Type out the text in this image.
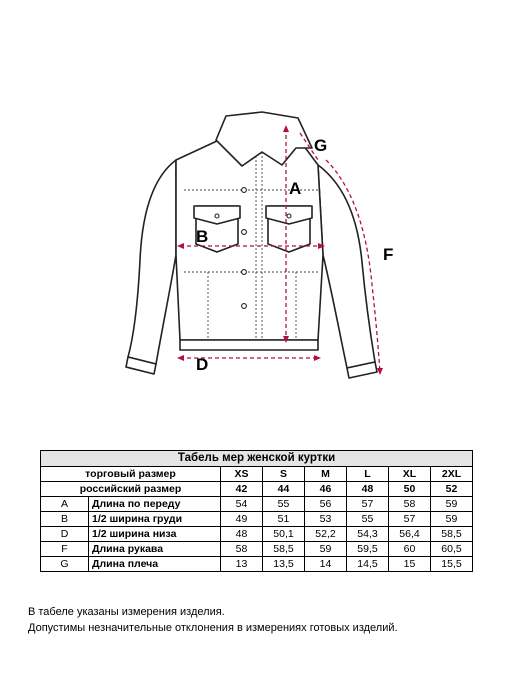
A
B
D
F
G
Табель мер женской куртки							
торговый размер		XS	S	M	L	XL	2XL
российский размер		42	44	46	48	50	52
A	Длина по переду	54	55	56	57	58	59
B	1/2 ширина груди	49	51	53	55	57	59
D	1/2 ширина низа	48	50,1	52,2	54,3	56,4	58,5
F	Длина рукава	58	58,5	59	59,5	60	60,5
G	Длина плеча	13	13,5	14	14,5	15	15,5
В табеле указаны измерения изделия.
Допустимы незначительные отклонения в измерениях готовых изделий.
